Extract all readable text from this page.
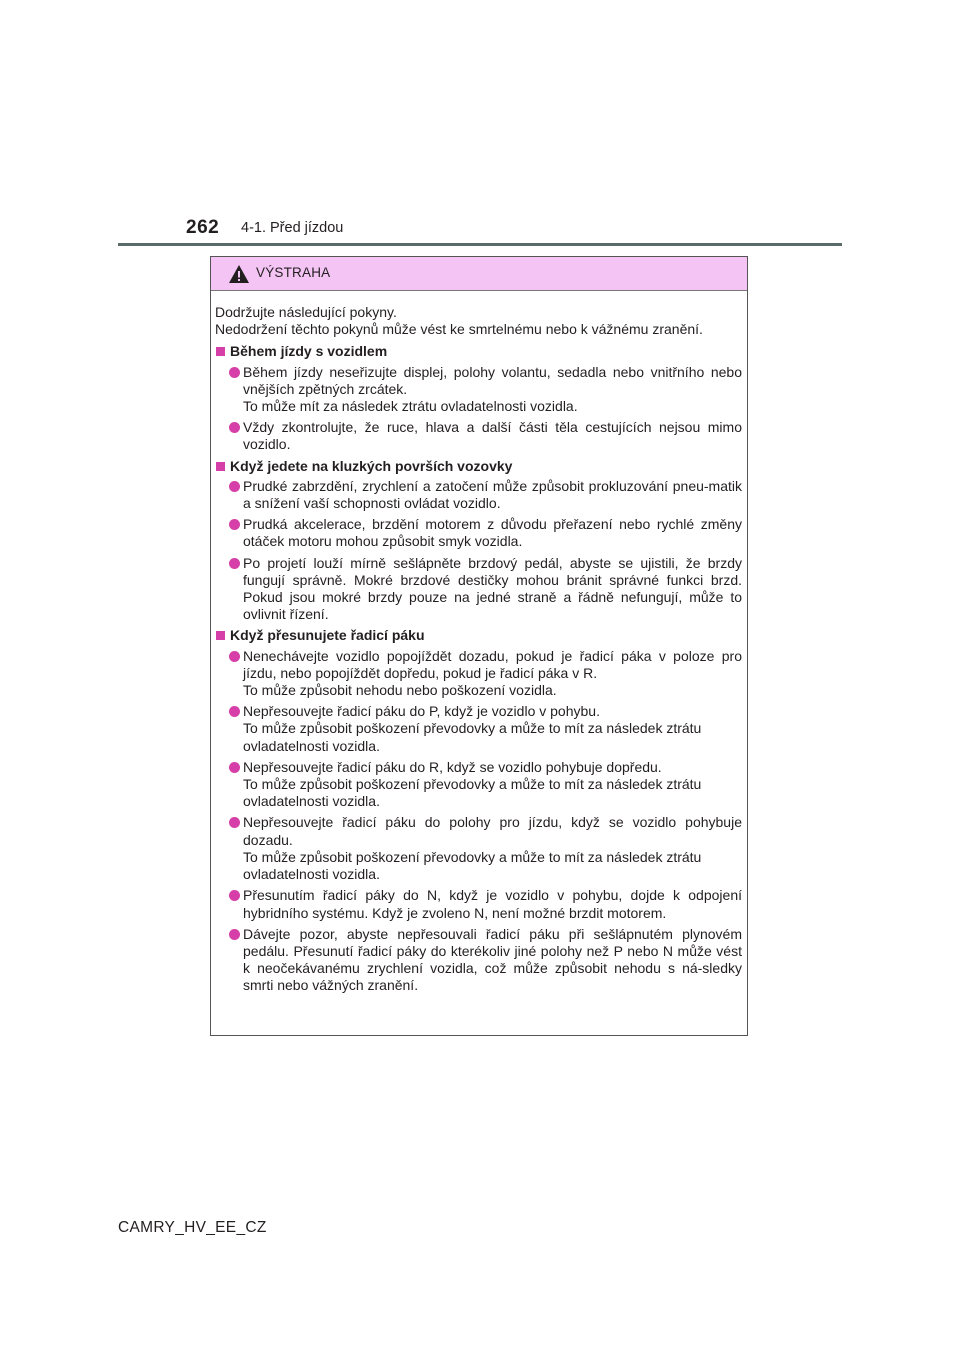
262 4-1. Před jízdou
VÝSTRAHA

Dodržujte následující pokyny.

Nedodržení těchto pokynů může vést ke smrtelnému nebo k vážnému zranění.

Během jízdy s vozidlem

Během jízdy neseřizujte displej, polohy volantu, sedadla nebo vnitřního nebo vnějších zpětných zrcátek.

To může mít za následek ztrátu ovladatelnosti vozidla.

Vždy zkontrolujte, že ruce, hlava a další části těla cestujících nejsou mimo vozidlo.

Když jedete na kluzkých površích vozovky

Prudké zabrzdění, zrychlení a zatočení může způsobit prokluzování pneu-matik a snížení vaší schopnosti ovládat vozidlo.

Prudká akcelerace, brzdění motorem z důvodu přeřazení nebo rychlé změny otáček motoru mohou způsobit smyk vozidla.

Po projetí louží mírně sešlápněte brzdový pedál, abyste se ujistili, že brzdy fungují správně. Mokré brzdové destičky mohou bránit správné funkci brzd. Pokud jsou mokré brzdy pouze na jedné straně a řádně nefungují, může to ovlivnit řízení.

Když přesunujete řadicí páku

Nenechávejte vozidlo popojíždět dozadu, pokud je řadicí páka v poloze pro jízdu, nebo popojíždět dopředu, pokud je řadicí páka v R.

To může způsobit nehodu nebo poškození vozidla.

Nepřesouvejte řadicí páku do P, když je vozidlo v pohybu.

To může způsobit poškození převodovky a může to mít za následek ztrátu ovladatelnosti vozidla.

Nepřesouvejte řadicí páku do R, když se vozidlo pohybuje dopředu.

To může způsobit poškození převodovky a může to mít za následek ztrátu ovladatelnosti vozidla.

Nepřesouvejte řadicí páku do polohy pro jízdu, když se vozidlo pohybuje dozadu.

To může způsobit poškození převodovky a může to mít za následek ztrátu ovladatelnosti vozidla.

Přesunutím řadicí páky do N, když je vozidlo v pohybu, dojde k odpojení hybridního systému. Když je zvoleno N, není možné brzdit motorem.

Dávejte pozor, abyste nepřesouvali řadicí páku při sešlápnutém plynovém pedálu. Přesunutí řadicí páky do kterékoliv jiné polohy než P nebo N může vést k neočekávanému zrychlení vozidla, což může způsobit nehodu s ná-sledky smrti nebo vážných zranění.

CAMRY_HV_EE_CZ
